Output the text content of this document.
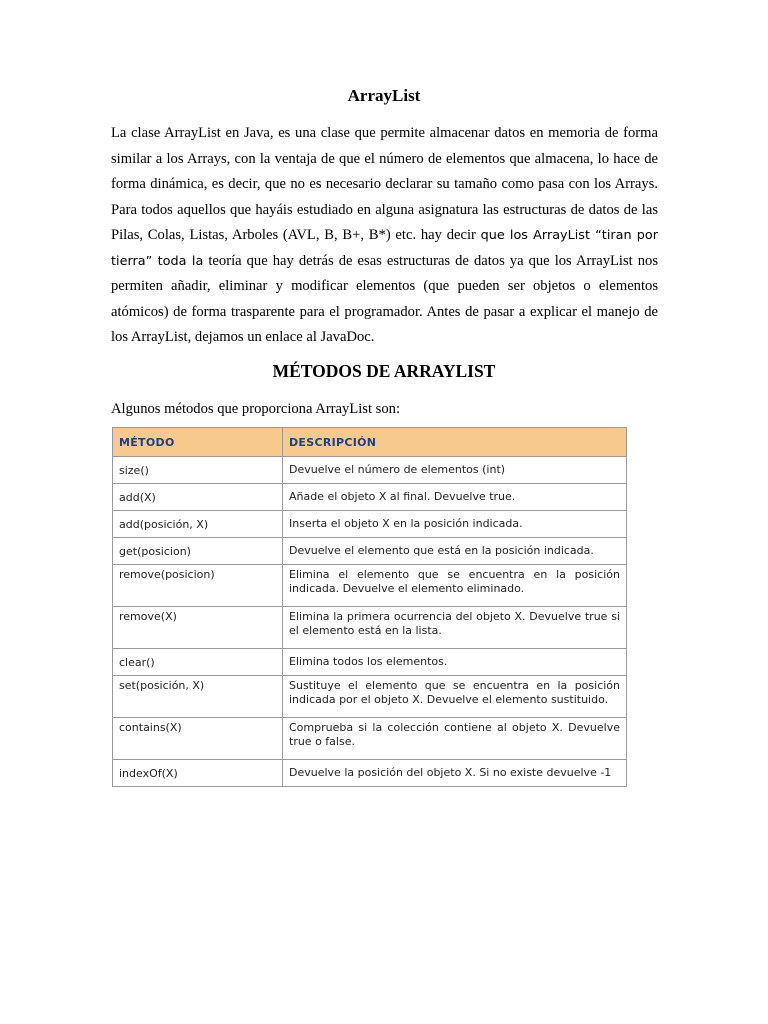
ArrayList

La clase ArrayList en Java, es una clase que permite almacenar datos en memoria de forma similar a los Arrays, con la ventaja de que el número de elementos que almacena, lo hace de forma dinámica, es decir, que no es necesario declarar su tamaño como pasa con los Arrays. Para todos aquellos que hayáis estudiado en alguna asignatura las estructuras de datos de las Pilas, Colas, Listas, Arboles (AVL, B, B+, B*) etc. hay decir que los ArrayList “tiran por tierra” toda la teoría que hay detrás de esas estructuras de datos ya que los ArrayList nos permiten añadir, eliminar y modificar elementos (que pueden ser objetos o elementos atómicos) de forma trasparente para el programador. Antes de pasar a explicar el manejo de los ArrayList, dejamos un enlace al JavaDoc.

MÉTODOS DE ARRAYLIST

Algunos métodos que proporciona ArrayList son:

MÉTODO	DESCRIPCIÓN
size()	Devuelve el número de elementos (int)
add(X)	Añade el objeto X al final. Devuelve true.
add(posición, X)	Inserta el objeto X en la posición indicada.
get(posicion)	Devuelve el elemento que está en la posición indicada.
remove(posicion)	Elimina el elemento que se encuentra en la posición indicada. Devuelve el elemento eliminado.
remove(X)	Elimina la primera ocurrencia del objeto X. Devuelve true si el elemento está en la lista.
clear()	Elimina todos los elementos.
set(posición, X)	Sustituye el elemento que se encuentra en la posición indicada por el objeto X. Devuelve el elemento sustituido.
contains(X)	Comprueba si la colección contiene al objeto X. Devuelve true o false.
indexOf(X)	Devuelve la posición del objeto X. Si no existe devuelve -1
